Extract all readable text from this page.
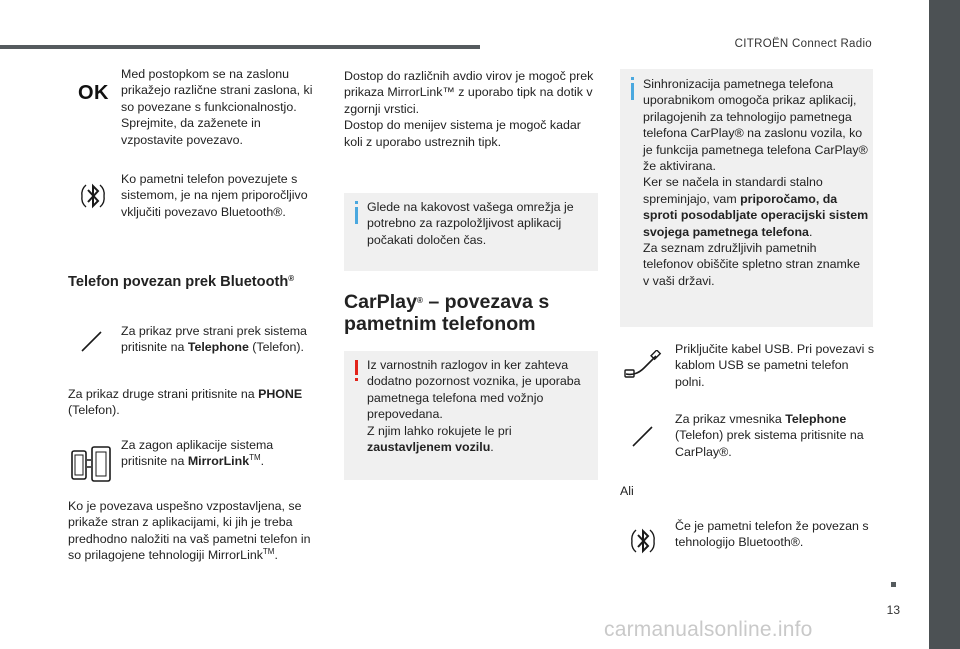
CITROËN Connect Radio
13
carmanualsonline.info
OK
Med postopkom se na zaslonu prikažejo različne strani zaslona, ki so povezane s funkcionalnostjo. Sprejmite, da zaženete in vzpostavite povezavo.
Ko pametni telefon povezujete s sistemom, je na njem priporočljivo vključiti povezavo Bluetooth®.
Telefon povezan prek Bluetooth®
Za prikaz prve strani prek sistema pritisnite na Telephone (Telefon).
Za prikaz druge strani pritisnite na PHONE (Telefon).
Za zagon aplikacije sistema pritisnite na MirrorLink™.
Ko je povezava uspešno vzpostavljena, se prikaže stran z aplikacijami, ki jih je treba predhodno naložiti na vaš pametni telefon in so prilagojene tehnologiji MirrorLink™.
Dostop do različnih avdio virov je mogoč prek prikaza MirrorLink™ z uporabo tipk na dotik v zgornji vrstici.
Dostop do menijev sistema je mogoč kadar koli z uporabo ustreznih tipk.
Glede na kakovost vašega omrežja je potrebno za razpoložljivost aplikacij počakati določen čas.
CarPlay® – povezava s
pametnim telefonom
Iz varnostnih razlogov in ker zahteva dodatno pozornost voznika, je uporaba pametnega telefona med vožnjo prepovedana.
Z njim lahko rokujete le pri zaustavljenem vozilu.
Sinhronizacija pametnega telefona uporabnikom omogoča prikaz aplikacij, prilagojenih za tehnologijo pametnega telefona CarPlay® na zaslonu vozila, ko je funkcija pametnega telefona CarPlay® že aktivirana.
Ker se načela in standardi stalno spreminjajo, vam priporočamo, da sproti posodabljate operacijski sistem svojega pametnega telefona.
Za seznam združljivih pametnih telefonov obiščite spletno stran znamke v vaši državi.
Priključite kabel USB. Pri povezavi s kablom USB se pametni telefon polni.
Za prikaz vmesnika Telephone (Telefon) prek sistema pritisnite na CarPlay®.
Ali
Če je pametni telefon že povezan s tehnologijo Bluetooth®.
